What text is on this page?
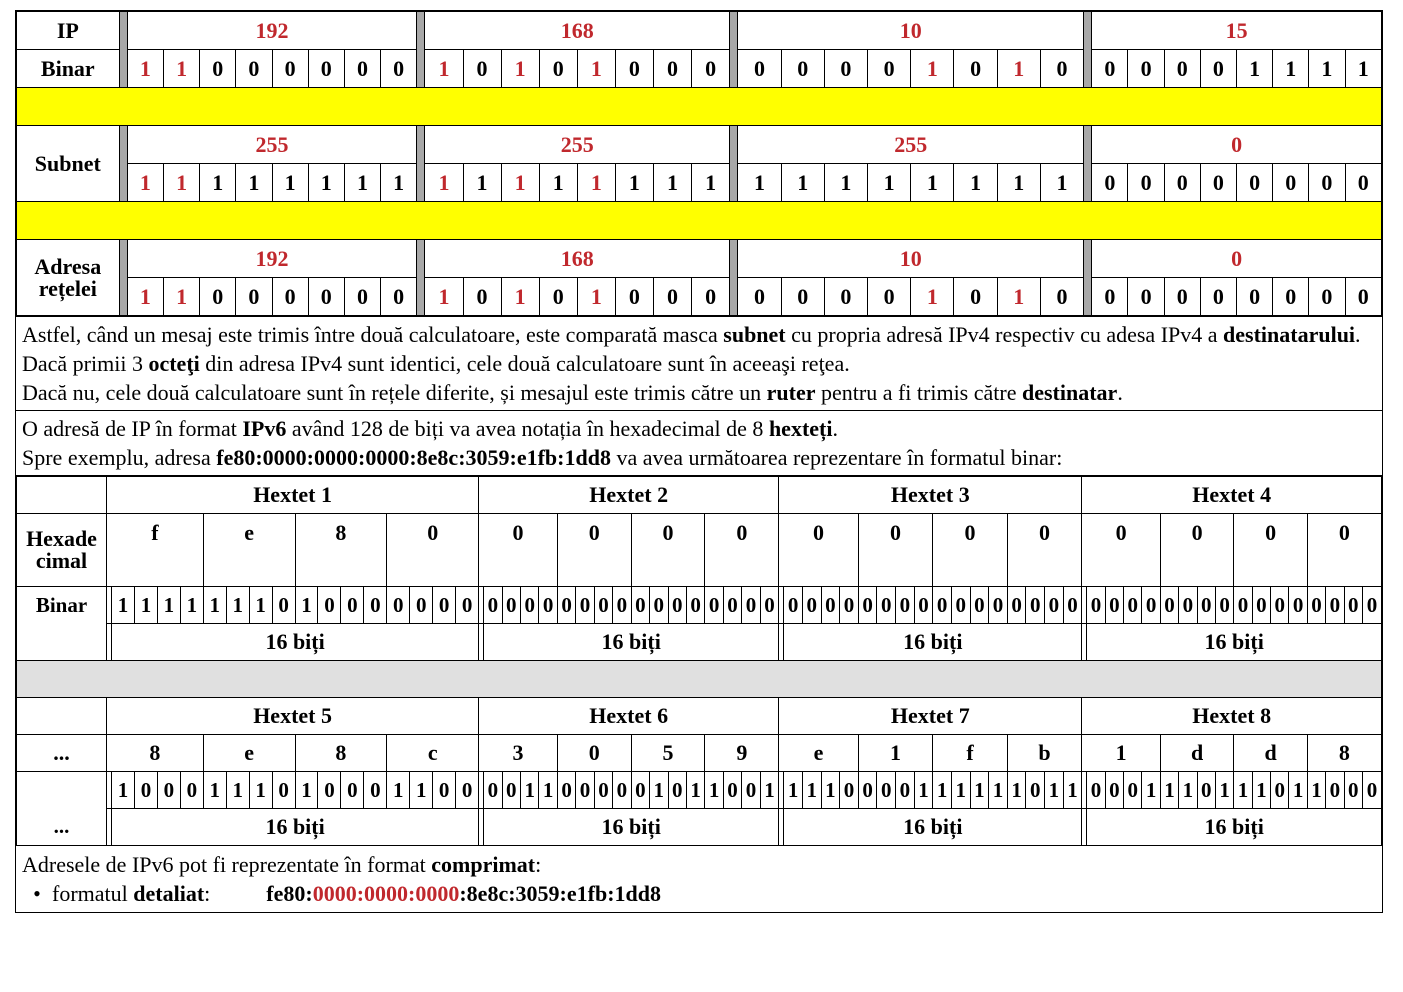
IP		192									168									10									15							
Binar		1	1	0	0	0	0	0	0		1	0	1	0	1	0	0	0		0	0	0	0	1	0	1	0		0	0	0	0	1	1	1	1

Subnet		255									255									255									0							
		1	1	1	1	1	1	1	1		1	1	1	1	1	1	1	1		1	1	1	1	1	1	1	1		0	0	0	0	0	0	0	0

Adresa
rețelei		192									168									10									0							
		1	1	0	0	0	0	0	0		1	0	1	0	1	0	0	0		0	0	0	0	1	0	1	0		0	0	0	0	0	0	0	0
Astfel, când un mesaj este trimis între două calculatoare, este comparată masca subnet cu propria adresă IPv4 respectiv cu adesa IPv4 a destinatarului.
Dacă primii 3 octeţi din adresa IPv4 sunt identici, cele două calculatoare sunt în aceeaşi reţea.
Dacă nu, cele două calculatoare sunt în rețele diferite, și mesajul este trimis către un ruter pentru a fi trimis către destinatar.
O adresă de IP în format IPv6 având 128 de biți va avea notația în hexadecimal de 8 hexteți.
Spre exemplu, adresa fe80:0000:0000:0000:8e8c:3059:e1fb:1dd8 va avea următoarea reprezentare în formatul binar:
	Hextet 1	Hextet 2	Hextet 3	Hextet 4
Hexade
cimal	f	e	8	0	0	0	0	0	0	0	0	0	0	0	0	0
Binar		1	1	1	1	1	1	1	0	1	0	0	0	0	0	0	0		0	0	0	0	0	0	0	0	0	0	0	0	0	0	0	0		0	0	0	0	0	0	0	0	0	0	0	0	0	0	0	0		0	0	0	0	0	0	0	0	0	0	0	0	0	0	0	0
	16 biți		16 biți		16 biți		16 biți

	Hextet 5	Hextet 6	Hextet 7	Hextet 8
...	8	e	8	c	3	0	5	9	e	1	f	b	1	d	d	8
...		1	0	0	0	1	1	1	0	1	0	0	0	1	1	0	0		0	0	1	1	0	0	0	0	0	1	0	1	1	0	0	1		1	1	1	0	0	0	0	1	1	1	1	1	1	0	1	1		0	0	0	1	1	1	0	1	1	1	0	1	1	0	0	0
	16 biți		16 biți		16 biți		16 biți
Adresele de IPv6 pot fi reprezentate în format comprimat:
• formatul detaliat:	fe80:0000:0000:0000:8e8c:3059:e1fb:1dd8
